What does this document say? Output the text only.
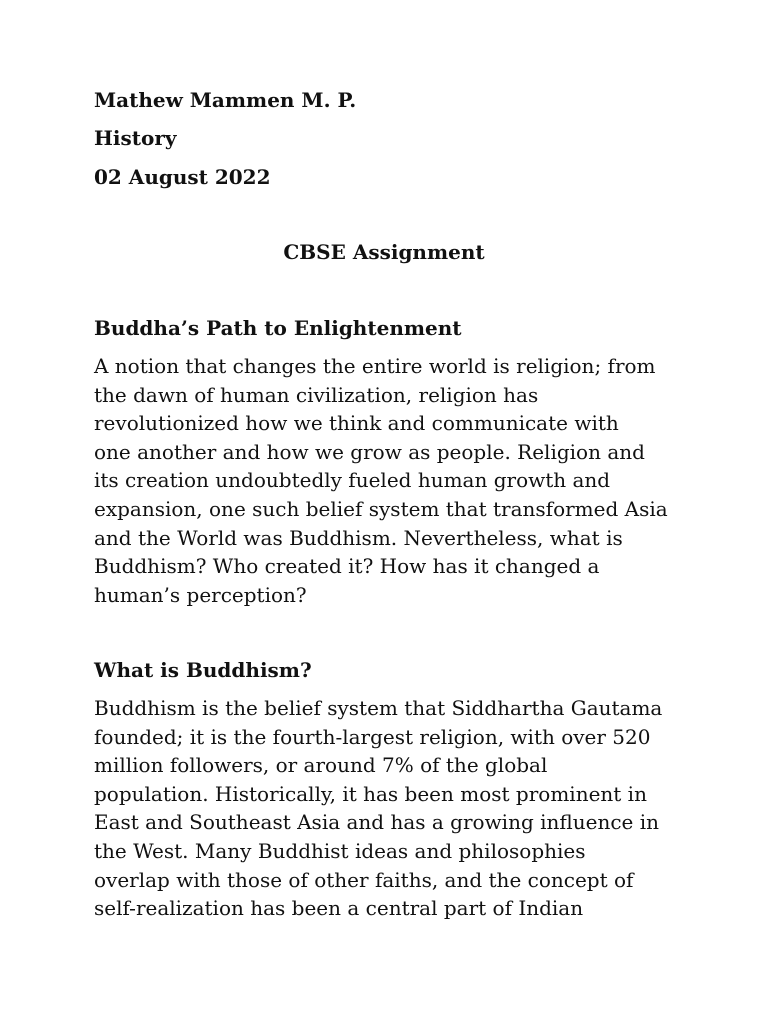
Mathew Mammen M. P.

History

02 August 2022

CBSE Assignment

Buddha’s Path to Enlightenment

A notion that changes the entire world is religion; from
the dawn of human civilization, religion has
revolutionized how we think and communicate with
one another and how we grow as people. Religion and
its creation undoubtedly fueled human growth and
expansion, one such belief system that transformed Asia
and the World was Buddhism. Nevertheless, what is
Buddhism? Who created it? How has it changed a
human’s perception?

What is Buddhism?

Buddhism is the belief system that Siddhartha Gautama
founded; it is the fourth-largest religion, with over 520
million followers, or around 7% of the global
population. Historically, it has been most prominent in
East and Southeast Asia and has a growing influence in
the West. Many Buddhist ideas and philosophies
overlap with those of other faiths, and the concept of
self-realization has been a central part of Indian
